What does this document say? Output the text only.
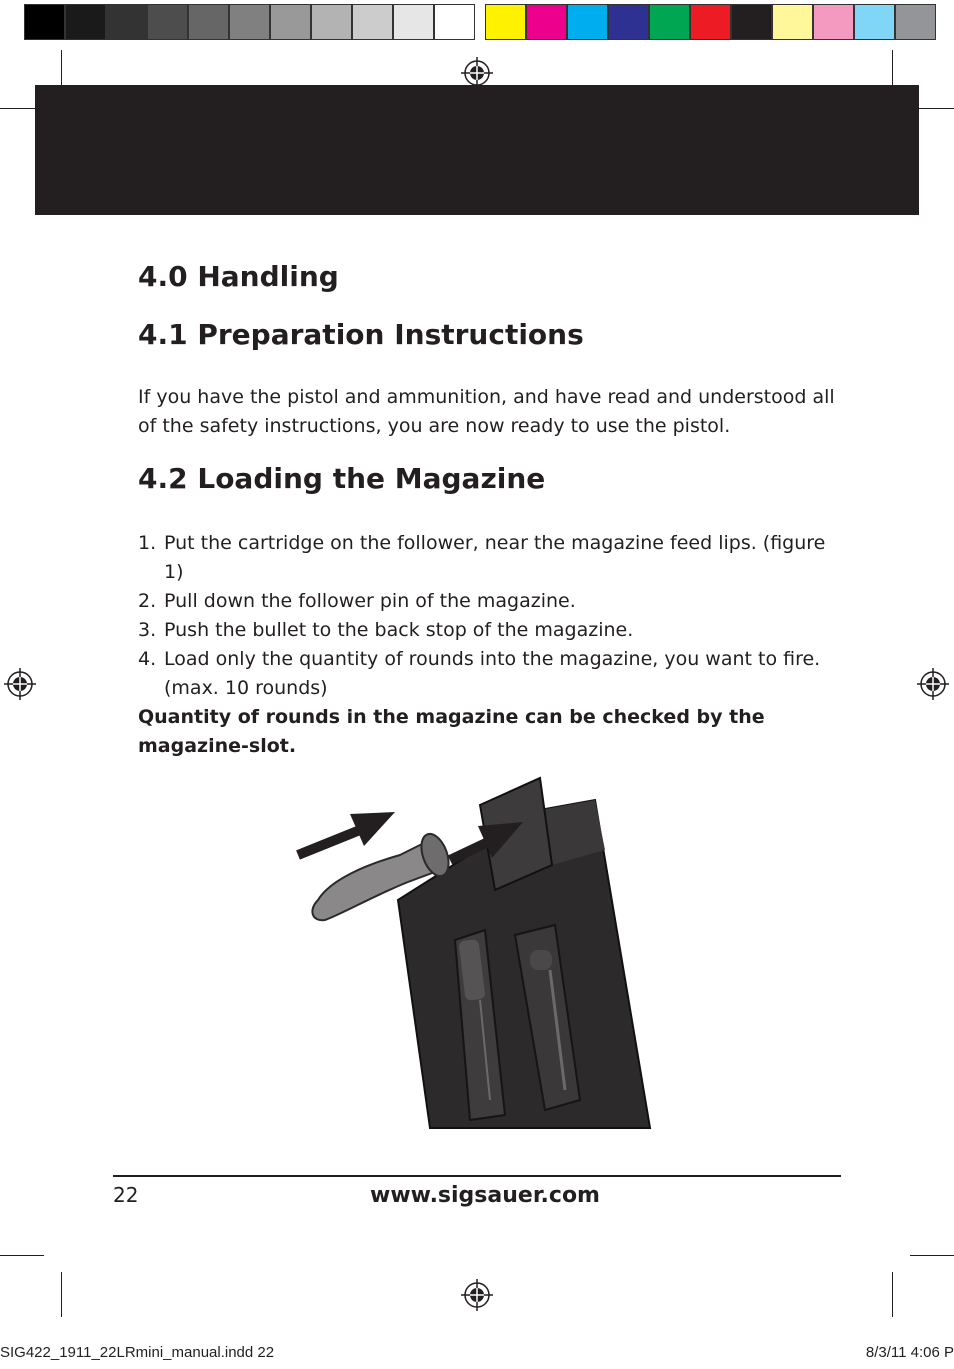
4.0 Handling
4.1 Preparation Instructions

If you have the pistol and ammunition, and have read and understood all of the safety instructions, you are now ready to use the pistol.

4.2 Loading the Magazine
1. Put the cartridge on the follower, near the magazine feed lips. (figure 1)
2. Pull down the follower pin of the magazine.
3. Push the bullet to the back stop of the magazine.
4. Load only the quantity of rounds into the magazine, you want to fire. (max. 10 rounds)

Quantity of rounds in the magazine can be checked by the magazine-slot.

22	www.sigsauer.com
SIG422_1911_22LRmini_manual.indd 22	8/3/11 4:06 P
